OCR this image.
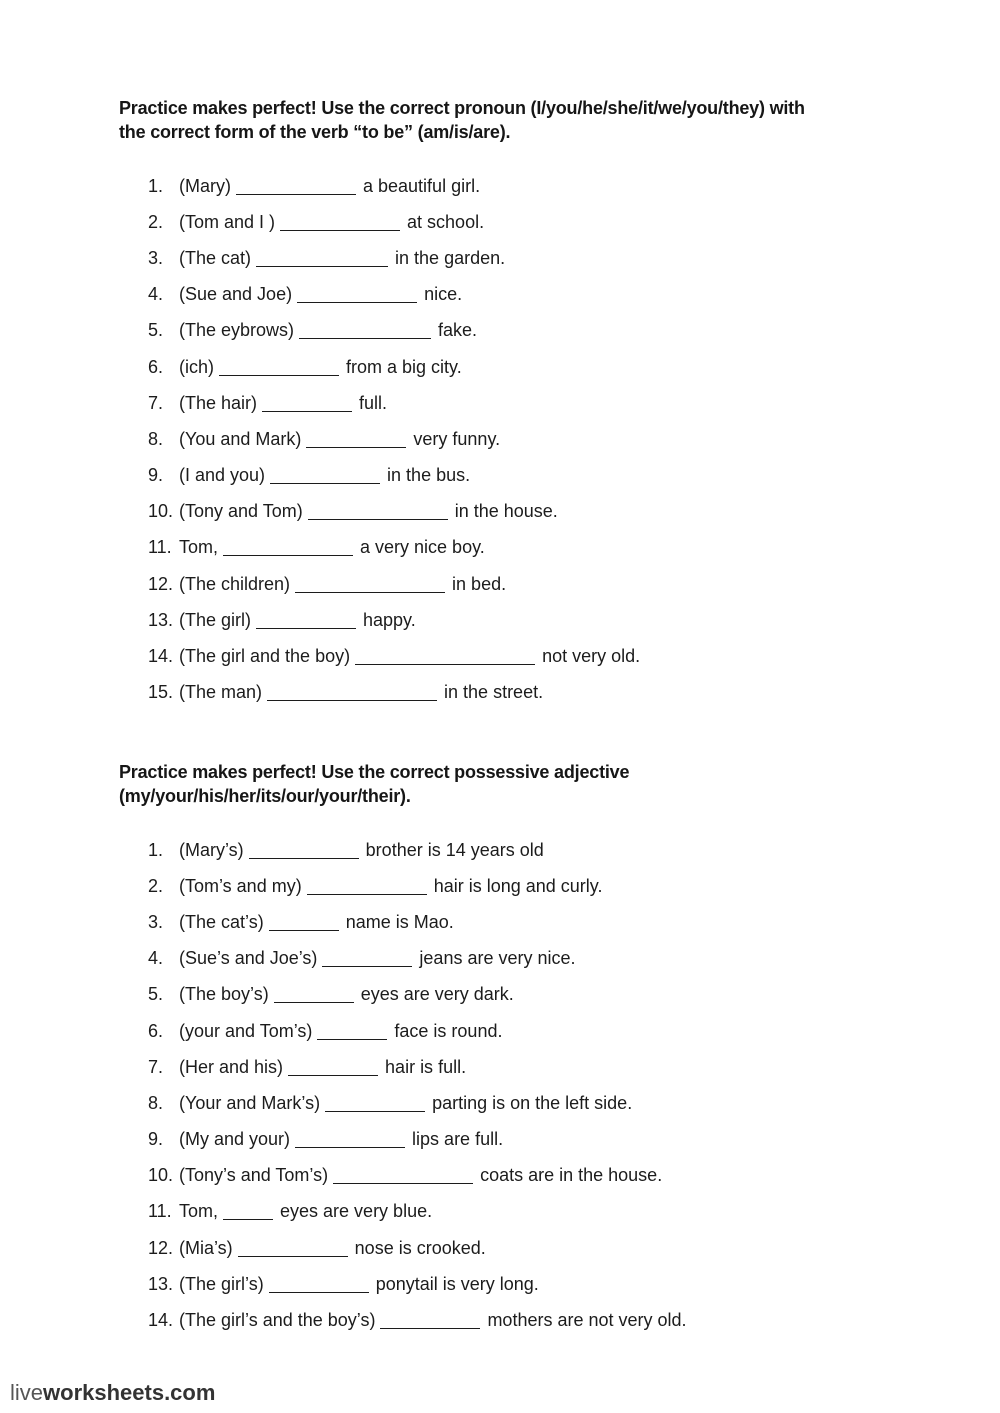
Practice makes perfect! Use the correct pronoun (I/you/he/she/it/we/you/they) with
the correct form of the verb “to be” (am/is/are).

1. (Mary)	a beautiful girl.
2. (Tom and I )	at school.
3. (The cat)	in the garden.
4. (Sue and Joe)	nice.
5. (The eybrows)	fake.
6. (ich)	from a big city.
7. (The hair)	full.
8. (You and Mark)	very funny.
9. (I and you)	in the bus.
10. (Tony and Tom)	in the house.
11. Tom,	a very nice boy.
12. (The children)	in bed.
13. (The girl)	happy.
14. (The girl and the boy)	not very old.
15. (The man)	in the street.

Practice makes perfect! Use the correct possessive adjective
(my/your/his/her/its/our/your/their).

1. (Mary’s)	brother is 14 years old
2. (Tom’s and my)	hair is long and curly.
3. (The cat’s)	name is Mao.
4. (Sue’s and Joe’s)	jeans are very nice.
5. (The boy’s)	eyes are very dark.
6. (your and Tom’s)	face is round.
7. (Her and his)	hair is full.
8. (Your and Mark’s)	parting is on the left side.
9. (My and your)	lips are full.
10. (Tony’s and Tom’s)	coats are in the house.
11. Tom,	eyes are very blue.
12. (Mia’s)	nose is crooked.
13. (The girl’s)	ponytail is very long.
14. (The girl’s and the boy’s)	mothers are not very old.
liveworksheets.com
